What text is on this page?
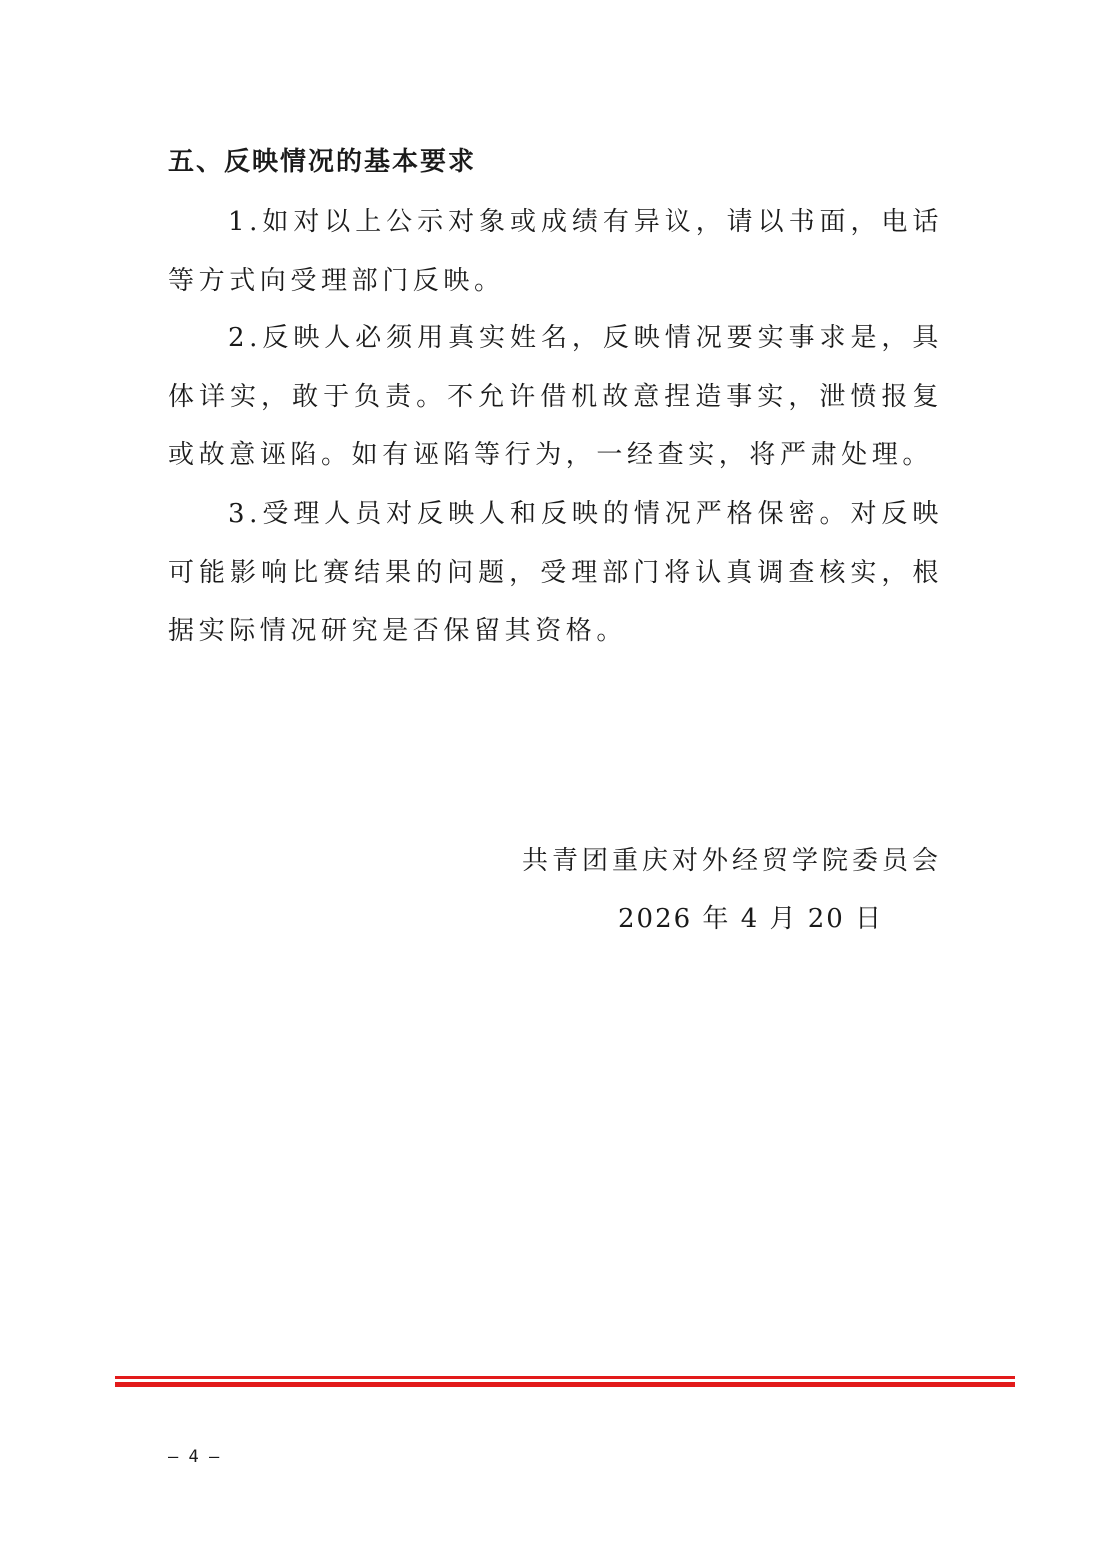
五、反映情况的基本要求

1.如对以上公示对象或成绩有异议，请以书面，电话等方式向受理部门反映。

2.反映人必须用真实姓名，反映情况要实事求是，具体详实，敢于负责。不允许借机故意捏造事实，泄愤报复或故意诬陷。如有诬陷等行为，一经查实，将严肃处理。

3.受理人员对反映人和反映的情况严格保密。对反映可能影响比赛结果的问题，受理部门将认真调查核实，根据实际情况研究是否保留其资格。

共青团重庆对外经贸学院委员会

2026 年 4 月 20 日

– 4 –
